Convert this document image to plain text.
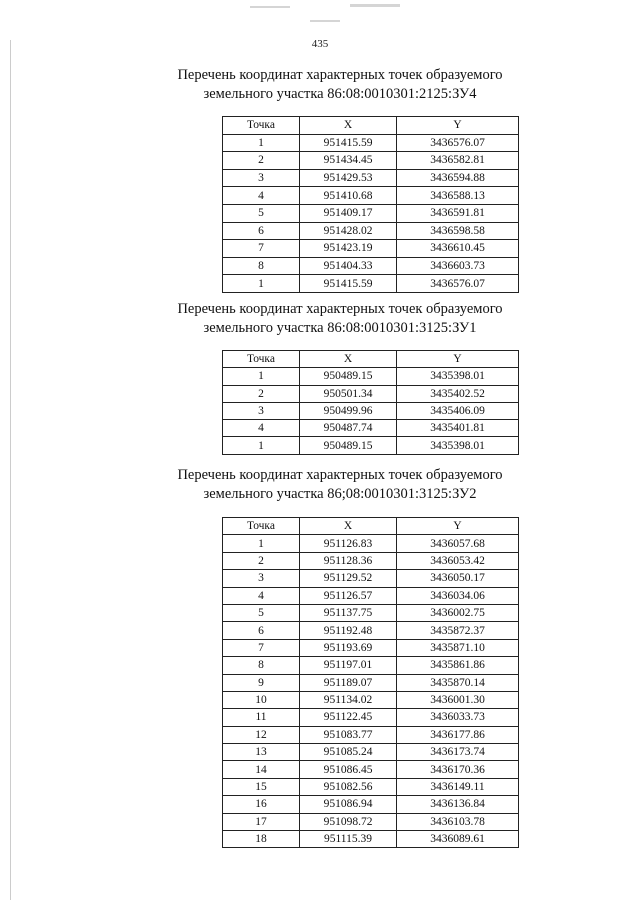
435
Перечень координат характерных точек образуемого
земельного участка 86:08:0010301:2125:ЗУ4
Точка	X	Y
1	951415.59	3436576.07
2	951434.45	3436582.81
3	951429.53	3436594.88
4	951410.68	3436588.13
5	951409.17	3436591.81
6	951428.02	3436598.58
7	951423.19	3436610.45
8	951404.33	3436603.73
1	951415.59	3436576.07
Перечень координат характерных точек образуемого
земельного участка 86:08:0010301:3125:ЗУ1
Точка	X	Y
1	950489.15	3435398.01
2	950501.34	3435402.52
3	950499.96	3435406.09
4	950487.74	3435401.81
1	950489.15	3435398.01
Перечень координат характерных точек образуемого
земельного участка 86;08:0010301:3125:ЗУ2
Точка	X	Y
1	951126.83	3436057.68
2	951128.36	3436053.42
3	951129.52	3436050.17
4	951126.57	3436034.06
5	951137.75	3436002.75
6	951192.48	3435872.37
7	951193.69	3435871.10
8	951197.01	3435861.86
9	951189.07	3435870.14
10	951134.02	3436001.30
11	951122.45	3436033.73
12	951083.77	3436177.86
13	951085.24	3436173.74
14	951086.45	3436170.36
15	951082.56	3436149.11
16	951086.94	3436136.84
17	951098.72	3436103.78
18	951115.39	3436089.61
